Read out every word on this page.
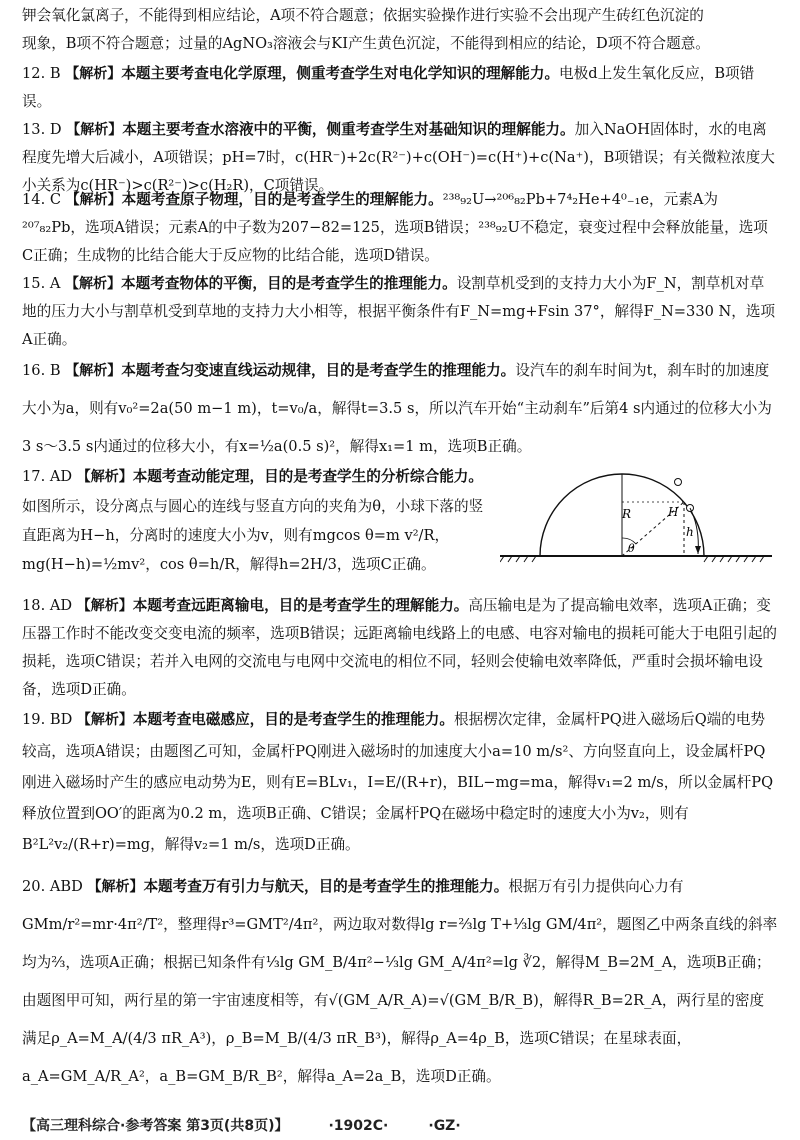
钾会氧化氯离子，不能得到相应结论，A项不符合题意；依据实验操作进行实验不会出现产生砖红色沉淀的

现象，B项不符合题意；过量的AgNO₃溶液会与KI产生黄色沉淀，不能得到相应的结论，D项不符合题意。

12. B 【解析】本题主要考查电化学原理，侧重考查学生对电化学知识的理解能力。电极d上发生氧化反应，B项错误。

13. D 【解析】本题主要考查水溶液中的平衡，侧重考查学生对基础知识的理解能力。加入NaOH固体时，水的电离程度先增大后减小，A项错误；pH=7时，c(HR⁻)+2c(R²⁻)+c(OH⁻)=c(H⁺)+c(Na⁺)，B项错误；有关微粒浓度大小关系为c(HR⁻)>c(R²⁻)>c(H₂R)，C项错误。

14. C 【解析】本题考查原子物理，目的是考查学生的理解能力。²³⁸₉₂U→²⁰⁶₈₂Pb+7⁴₂He+4⁰₋₁e，元素A为²⁰⁷₈₂Pb，选项A错误；元素A的中子数为207−82=125，选项B错误；²³⁸₉₂U不稳定，衰变过程中会释放能量，选项C正确；生成物的比结合能大于反应物的比结合能，选项D错误。

15. A 【解析】本题考查物体的平衡，目的是考查学生的推理能力。设割草机受到的支持力大小为F_N，割草机对草地的压力大小与割草机受到草地的支持力大小相等，根据平衡条件有F_N=mg+Fsin 37°，解得F_N=330 N，选项A正确。

16. B 【解析】本题考查匀变速直线运动规律，目的是考查学生的推理能力。设汽车的刹车时间为t，刹车时的加速度大小为a，则有v₀²=2a(50 m−1 m)，t=v₀/a，解得t=3.5 s，所以汽车开始“主动刹车”后第4 s内通过的位移大小为3 s～3.5 s内通过的位移大小，有x=½a(0.5 s)²，解得x₁=1 m，选项B正确。

17. AD 【解析】本题考查动能定理，目的是考查学生的分析综合能力。如图所示，设分离点与圆心的连线与竖直方向的夹角为θ，小球下落的竖直距离为H−h，分离时的速度大小为v，则有mgcos θ=m v²/R，mg(H−h)=½mv²，cos θ=h/R，解得h=2H/3，选项C正确。

R	H
h
θ

18. AD 【解析】本题考查远距离输电，目的是考查学生的理解能力。高压输电是为了提高输电效率，选项A正确；变压器工作时不能改变交变电流的频率，选项B错误；远距离输电线路上的电感、电容对输电的损耗可能大于电阻引起的损耗，选项C错误；若并入电网的交流电与电网中交流电的相位不同，轻则会使输电效率降低，严重时会损坏输电设备，选项D正确。

19. BD 【解析】本题考查电磁感应，目的是考查学生的推理能力。根据楞次定律，金属杆PQ进入磁场后Q端的电势较高，选项A错误；由题图乙可知，金属杆PQ刚进入磁场时的加速度大小a=10 m/s²、方向竖直向上，设金属杆PQ刚进入磁场时产生的感应电动势为E，则有E=BLv₁，I=E/(R+r)，BIL−mg=ma，解得v₁=2 m/s，所以金属杆PQ释放位置到OO′的距离为0.2 m，选项B正确、C错误；金属杆PQ在磁场中稳定时的速度大小为v₂，则有B²L²v₂/(R+r)=mg，解得v₂=1 m/s，选项D正确。

20. ABD 【解析】本题考查万有引力与航天，目的是考查学生的推理能力。根据万有引力提供向心力有GMm/r²=mr·4π²/T²，整理得r³=GMT²/4π²，两边取对数得lg r=⅔lg T+⅓lg GM/4π²，题图乙中两条直线的斜率均为⅔，选项A正确；根据已知条件有⅓lg GM_B/4π²−⅓lg GM_A/4π²=lg ∛2，解得M_B=2M_A，选项B正确；由题图甲可知，两行星的第一宇宙速度相等，有√(GM_A/R_A)=√(GM_B/R_B)，解得R_B=2R_A，两行星的密度满足ρ_A=M_A/(4/3 πR_A³)，ρ_B=M_B/(4/3 πR_B³)，解得ρ_A=4ρ_B，选项C错误；在星球表面，a_A=GM_A/R_A²，a_B=GM_B/R_B²，解得a_A=2a_B，选项D正确。

【高三理科综合·参考答案 第3页(共8页)】	·1902C·	·GZ·
